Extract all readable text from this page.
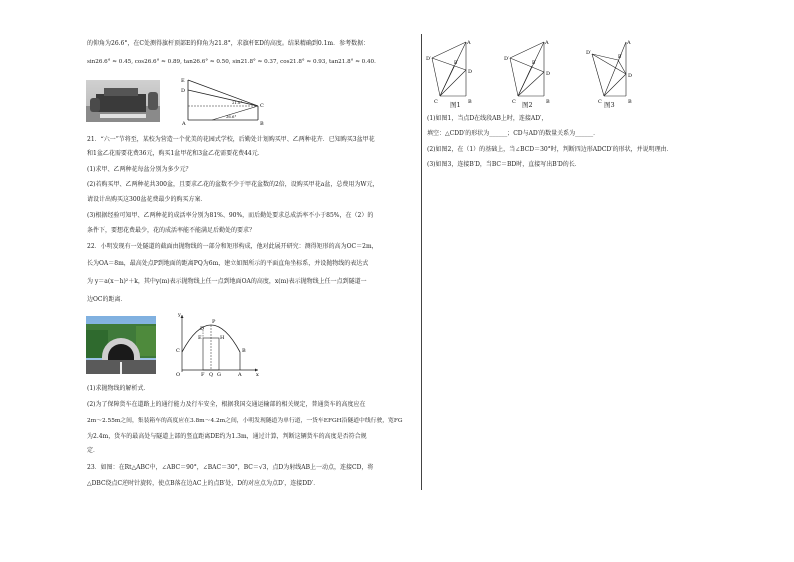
的仰角为26.6°，在C处测得旗杆顶部E的仰角为21.8°，求旗杆ED的高度。结果精确到0.1m．参考数据：
sin26.6° ≈ 0.45, cos26.6° ≈ 0.89, tan26.6° ≈ 0.50, sin21.8° ≈ 0.37, cos21.8° ≈ 0.93, tan21.8° ≈ 0.40．
E
D
A	B
C
21.8°
26.6°
21．“六一”节将至，某校为营造一个优美的花园式学校，后勤处计划购买甲、乙两种花卉．已知购买3盆甲花
和1盆乙花需要花费36元，购买1盆甲花和3盆乙花需要花费44元．
(1)求甲、乙两种花每盆分别为多少元？
(2)若购买甲、乙两种花共300盆，且要求乙花的盆数不少于甲花盆数的2倍，设购买甲花a盆，总费用为W元，
请设计出购买这300盆花费最少的购买方案．
(3)根据经验可知甲、乙两种花的成活率分别为81%、90%，而后勤处要求总成活率不小于85%，在（2）的
条件下，要想花费最少，花的成活率能不能满足后勤处的要求？
22．小明发现有一处隧道的截面由抛物线的一部分和矩形构成，他对此展开研究：测得矩形的高为OC＝2m，
长为OA＝8m，最高处点P到地面的距离PQ为6m，建立如图所示的平面直角坐标系，并设抛物线的表达式
为 y＝a(x－h)²＋k，其中y(m)表示抛物线上任一点到地面OA的高度，x(m)表示抛物线上任一点到隧道一
边OC的距离．
y
x
O
C	B
A
F Q G
P
D
E	H
(1)求抛物线的解析式．
(2)为了保障货车在道路上的通行能力及行车安全，根据我国交通运输部的相关规定，普通货车的高度应在
2m～2.55m之间，集装箱车的高度应在3.8m～4.2m之间，小明发现隧道为单行道，一货车EFGH沿隧道中线行驶，宽FG
为2.4m，货车的最高处与隧道上部的竖直距离DE约为1.3m，通过计算，判断这辆货车的高度是否符合规
定．
23．如图：在Rt△ABC中，∠ABC＝90°，∠BAC＝30°，BC＝√3，点D为射线AB上一动点，连接CD，将
△DBC绕点C逆时针旋转，使点B落在边AC上的点B′处，D的对应点为点D′，连接DD′．
C	B
A
D
D′
B′
图1	C	B
A
D
D′
B′
图2	C	B
A
D
D′
B′
图3
(1)如图1，当点D在线段AB上时，连接AD′，
填空：△CDD′的形状为______；CD与AD′的数量关系为______．
(2)如图2，在（1）的基础上，当∠BCD＝30°时，判断四边形ADCD′的形状，并说明理由．
(3)如图3，连接B′D，当BC＝BD时，直接写出B′D的长．
